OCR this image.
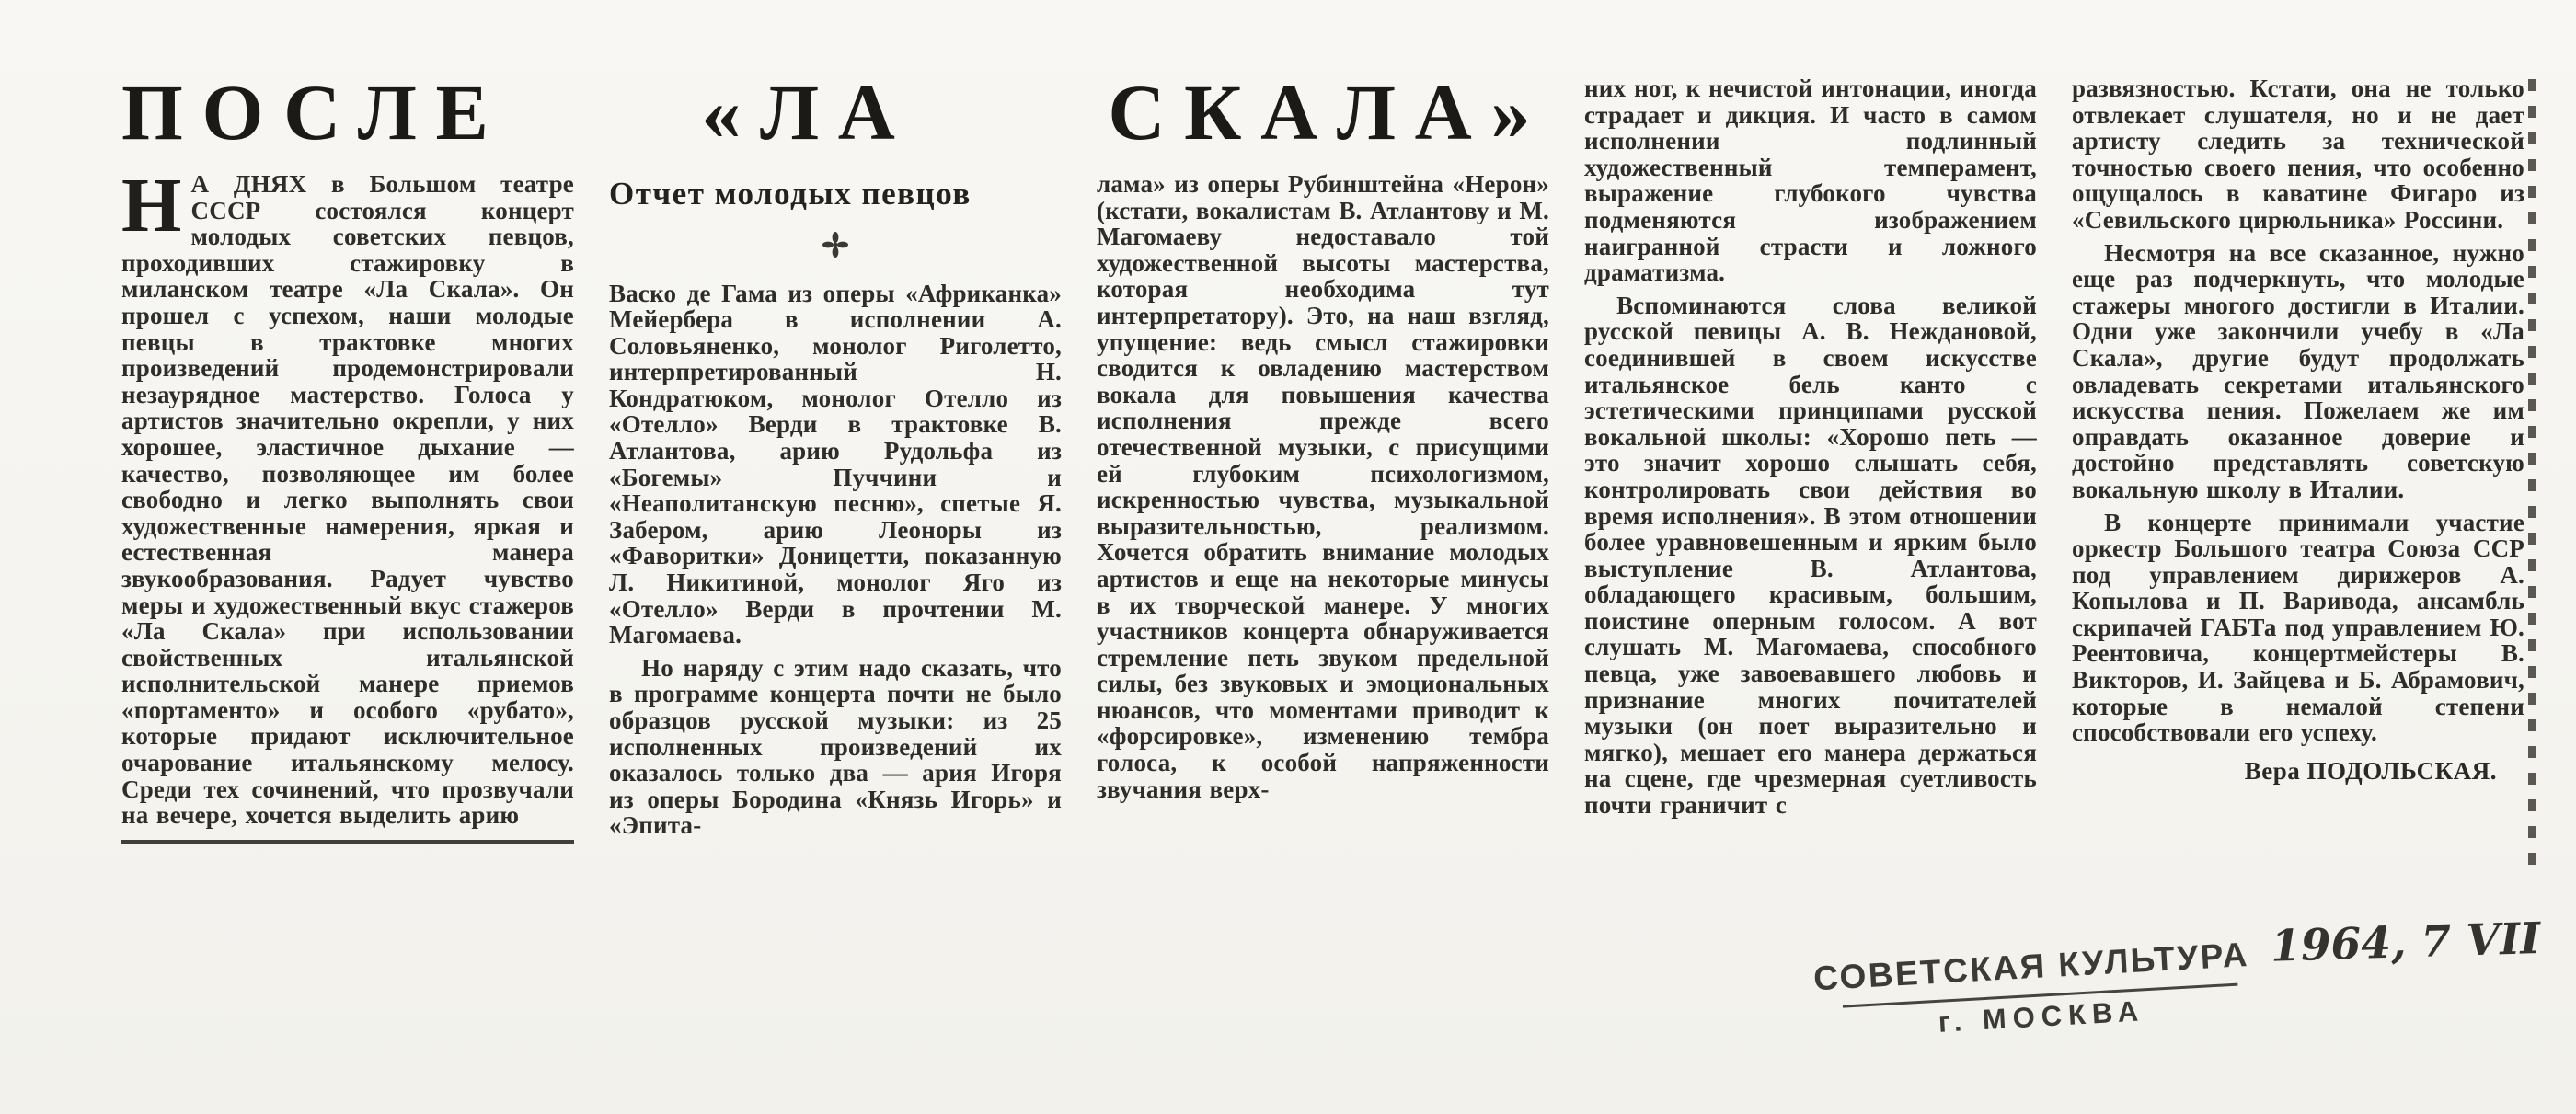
ПОСЛЕ «ЛА СКАЛА»

НА ДНЯХ в Большом театре СССР состоялся концерт молодых советских певцов, проходивших стажировку в миланском театре «Ла Скала». Он прошел с успехом, наши молодые певцы в трактовке многих произведений продемонстрировали незаурядное мастерство. Голоса у артистов значительно окрепли, у них хорошее, эластичное дыхание — качество, позволяющее им более свободно и легко выполнять свои художественные намерения, яркая и естественная манера звукообразования. Радует чувство меры и художественный вкус стажеров «Ла Скала» при использовании свойственных итальянской исполнительской манере приемов «портаменто» и особого «рубато», которые придают исключительное очарование итальянскому мелосу. Среди тех сочинений, что прозвучали на вечере, хочется выделить арию

Отчет молодых певцов

Васко де Гама из оперы «Африканка» Мейербера в исполнении А. Соловьяненко, монолог Риголетто, интерпретированный Н. Кондратюком, монолог Отелло из «Отелло» Верди в трактовке В. Атлантова, арию Рудольфа из «Богемы» Пуччини и «Неаполитанскую песню», спетые Я. Забером, арию Леоноры из «Фаворитки» Доницетти, показанную Л. Никитиной, монолог Яго из «Отелло» Верди в прочтении М. Магомаева.

Но наряду с этим надо сказать, что в программе концерта почти не было образцов русской музыки: из 25 исполненных произведений их оказалось только два — ария Игоря из оперы Бородина «Князь Игорь» и «Эпита-

лама» из оперы Рубинштейна «Нерон» (кстати, вокалистам В. Атлантову и М. Магомаеву недоставало той художественной высоты мастерства, которая необходима тут интерпретатору). Это, на наш взгляд, упущение: ведь смысл стажировки сводится к овладению мастерством вокала для повышения качества исполнения прежде всего отечественной музыки, с присущими ей глубоким психологизмом, искренностью чувства, музыкальной выразительностью, реализмом. Хочется обратить внимание молодых артистов и еще на некоторые минусы в их творческой манере. У многих участников концерта обнаруживается стремление петь звуком предельной силы, без звуковых и эмоциональных нюансов, что моментами приводит к «форсировке», изменению тембра голоса, к особой напряженности звучания верх-

них нот, к нечистой интонации, иногда страдает и дикция. И часто в самом исполнении подлинный художественный темперамент, выражение глубокого чувства подменяются изображением наигранной страсти и ложного драматизма.

Вспоминаются слова великой русской певицы А. В. Неждановой, соединившей в своем искусстве итальянское бель канто с эстетическими принципами русской вокальной школы: «Хорошо петь — это значит хорошо слышать себя, контролировать свои действия во время исполнения». В этом отношении более уравновешенным и ярким было выступление В. Атлантова, обладающего красивым, большим, поистине оперным голосом. А вот слушать М. Магомаева, способного певца, уже завоевавшего любовь и признание многих почитателей музыки (он поет выразительно и мягко), мешает его манера держаться на сцене, где чрезмерная суетливость почти граничит с

развязностью. Кстати, она не только отвлекает слушателя, но и не дает артисту следить за технической точностью своего пения, что особенно ощущалось в каватине Фигаро из «Севильского цирюльника» Россини.

Несмотря на все сказанное, нужно еще раз подчеркнуть, что молодые стажеры многого достигли в Италии. Одни уже закончили учебу в «Ла Скала», другие будут продолжать овладевать секретами итальянского искусства пения. Пожелаем же им оправдать оказанное доверие и достойно представлять советскую вокальную школу в Италии.

В концерте принимали участие оркестр Большого театра Союза ССР под управлением дирижеров А. Копылова и П. Варивода, ансамбль скрипачей ГАБТа под управлением Ю. Реентовича, концертмейстеры В. Викторов, И. Зайцева и Б. Абрамович, которые в немалой степени способствовали его успеху.

Вера ПОДОЛЬСКАЯ.

СОВЕТСКАЯ КУЛЬТУРА 1964, 7 VII
г. МОСКВА
